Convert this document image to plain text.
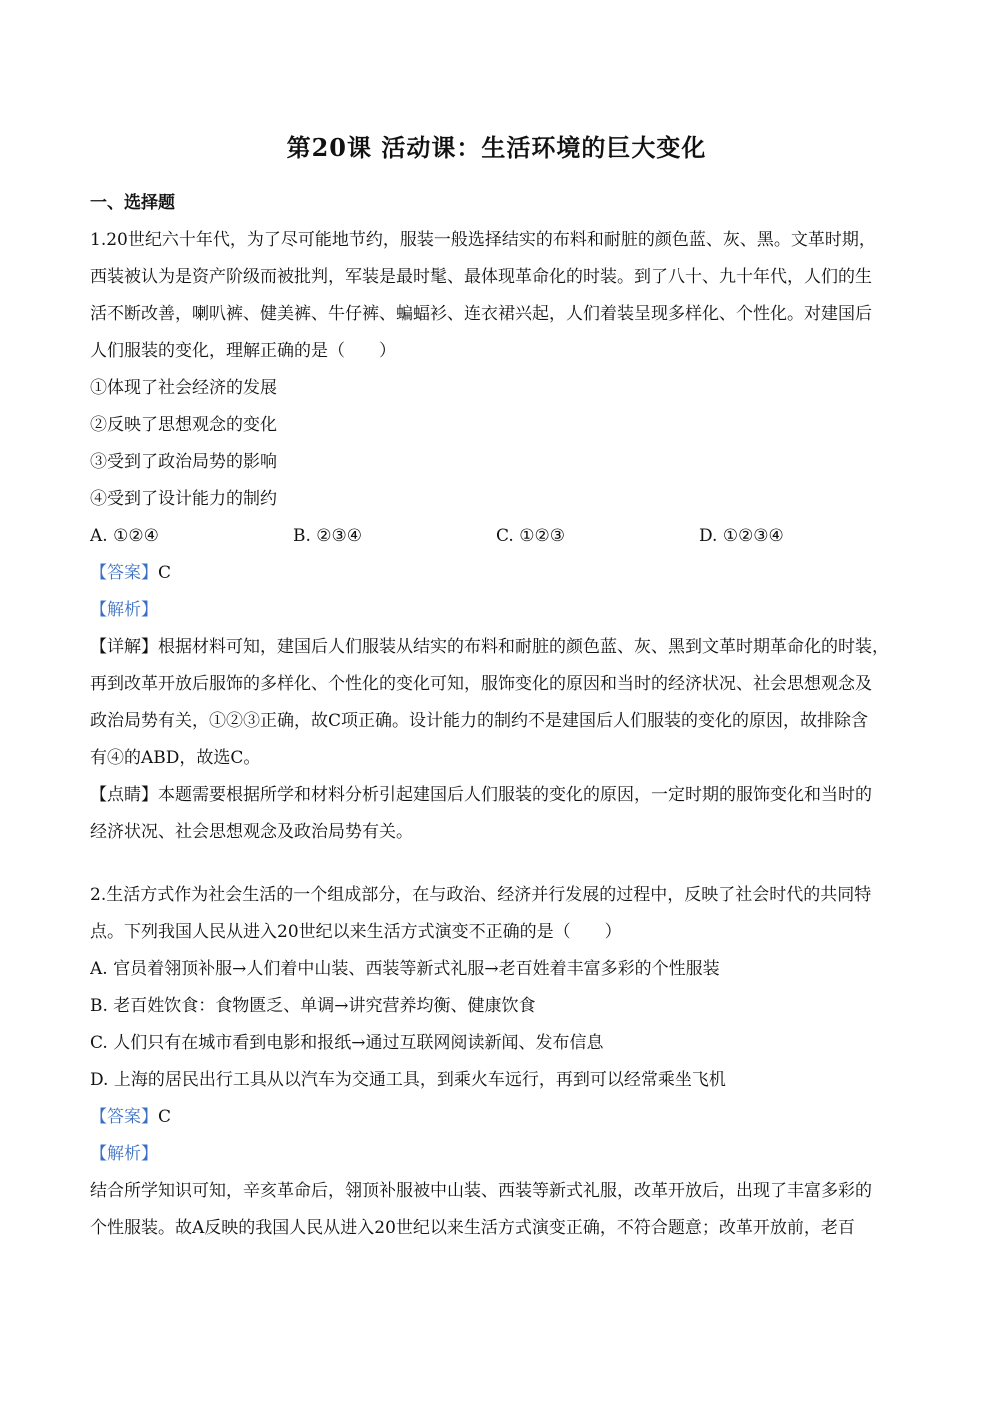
第20课 活动课：生活环境的巨大变化
一、选择题
1.20世纪六十年代，为了尽可能地节约，服装一般选择结实的布料和耐脏的颜色蓝、灰、黑。文革时期，
西装被认为是资产阶级而被批判，军装是最时髦、最体现革命化的时装。到了八十、九十年代，人们的生
活不断改善，喇叭裤、健美裤、牛仔裤、蝙蝠衫、连衣裙兴起，人们着装呈现多样化、个性化。对建国后
人们服装的变化，理解正确的是（　　）
①体现了社会经济的发展
②反映了思想观念的变化
③受到了政治局势的影响
④受到了设计能力的制约
A. ①②④	B. ②③④	C. ①②③	D. ①②③④
【答案】C
【解析】
【详解】根据材料可知，建国后人们服装从结实的布料和耐脏的颜色蓝、灰、黑到文革时期革命化的时装，
再到改革开放后服饰的多样化、个性化的变化可知，服饰变化的原因和当时的经济状况、社会思想观念及
政治局势有关，①②③正确，故C项正确。设计能力的制约不是建国后人们服装的变化的原因，故排除含
有④的ABD，故选C。
【点睛】本题需要根据所学和材料分析引起建国后人们服装的变化的原因，一定时期的服饰变化和当时的
经济状况、社会思想观念及政治局势有关。
2.生活方式作为社会生活的一个组成部分，在与政治、经济并行发展的过程中，反映了社会时代的共同特
点。下列我国人民从进入20世纪以来生活方式演变不正确的是（　　）
A. 官员着翎顶补服→人们着中山装、西装等新式礼服→老百姓着丰富多彩的个性服装
B. 老百姓饮食：食物匮乏、单调→讲究营养均衡、健康饮食
C. 人们只有在城市看到电影和报纸→通过互联网阅读新闻、发布信息
D. 上海的居民出行工具从以汽车为交通工具，到乘火车远行，再到可以经常乘坐飞机
【答案】C
【解析】
结合所学知识可知，辛亥革命后，翎顶补服被中山装、西装等新式礼服，改革开放后，出现了丰富多彩的
个性服装。故A反映的我国人民从进入20世纪以来生活方式演变正确，不符合题意；改革开放前，老百
